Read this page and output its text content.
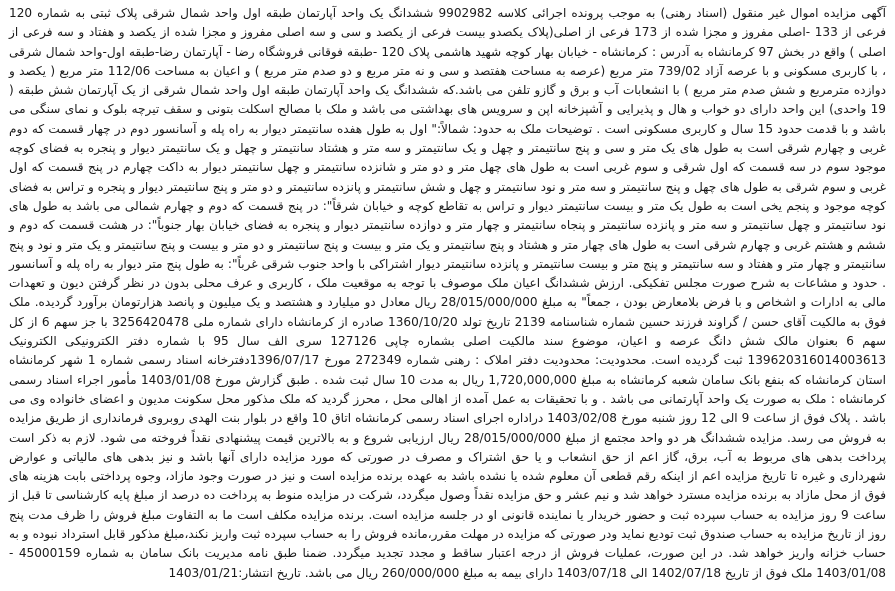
آگهی مزایده اموال غیر منقول (اسناد رهنی) به موجب پرونده اجرائی کلاسه 9902982 ششدانگ یک واحد آپارتمان طبقه اول واحد شمال شرقی پلاک ثبتی به شماره 120 فرعی از 133 -اصلی مفروز و مجزا شده از 173 فرعی از اصلی(پلاک یکصدو بیست فرعی از یکصد و سی و سه اصلی مفروز و مجزا شده از یکصد و هفتاد و سه فرعی از اصلی ) واقع در بخش 97 کرمانشاه به آدرس : کرمانشاه - خیابان بهار کوچه شهید هاشمی پلاک 120 -طبقه فوقانی فروشگاه رضا - آپارتمان رضا-طبقه اول-واحد شمال شرقی ، با کاربری مسکونی و با عرصه آزاد 739/02 متر مربع (عرصه به مساحت هفتصد و سی و نه متر مربع و دو صدم متر مربع ) و اعیان به مساحت 112/06 متر مربع ( یکصد و دوازده مترمربع و شش صدم متر مربع ) با انشعابات آب و برق و گازو تلفن می باشد.که ششدانگ یک واحد آپارتمان طبقه اول واحد شمال شرقی از یک آپارتمان شش طبقه ( 19 واحدی) این واحد دارای دو خواب و هال و پذیرایی و آشپزخانه اپن و سرویس های بهداشتی می باشد و ملک با مصالح اسکلت بتونی و سقف تیرچه بلوک و نمای سنگی می باشد و با قدمت حدود 15 سال و کاربری مسکونی است . توضیحات ملک به حدود: شمالاً:" اول به طول هفده سانتیمتر دیوار به راه پله و آسانسور دوم در چهار قسمت که دوم غربی و چهارم شرقی است به طول های یک متر و سی و پنج سانتیمتر و چهل و یک سانتیمتر و سه متر و هشتاد سانتیمتر و چهل و یک سانتیمتر دیوار و پنجره به فضای کوچه موجود سوم در سه قسمت که اول شرقی و سوم غربی است به طول های چهل متر و دو متر و شانزده سانتیمتر و چهل سانتیمتر دیوار به داکت چهارم در پنج قسمت که اول غربی و سوم شرقی به طول های چهل و پنج سانتیمتر و سه متر و نود سانتیمتر و چهل و شش سانتیمتر و پانزده سانتیمتر و دو متر و پنج سانتیمتر دیوار و پنجره و تراس به فضای کوچه موجود و پنجم یخی است به طول یک متر و بیست سانتیمتر دیوار و تراس به تقاطع کوچه و خیابان شرقاً": در پنج قسمت که دوم و چهارم شمالی می باشد به طول های نود سانتیمتر و چهل سانتیمتر و سه متر و پانزده سانتیمتر و پنجاه سانتیمتر و چهار متر و دوازده سانتیمتر دیوار و پنجره به فضای خیابان بهار جنوباً": در هشت قسمت که دوم و ششم و هشتم غربی و چهارم شرقی است به طول های چهار متر و هشتاد و پنج سانتیمتر و یک متر و بیست و پنج سانتیمتر و دو متر و بیست و پنج سانتیمتر و یک متر و نود و پنج سانتیمتر و چهار متر و هفتاد و سه سانتیمتر و پنج متر و بیست سانتیمتر و پانزده سانتیمتر دیوار اشتراکی با واحد جنوب شرقی غرباً": به طول پنج متر دیوار به راه پله و آسانسور . حدود و مشاعات به شرح صورت مجلس تفکیکی. ارزش ششدانگ اعیان ملک موصوف با توجه به موقعیت ملک ، کاربری و عرف محلی بدون در نظر گرفتن دیون و تعهدات مالی به ادارات و اشخاص و با فرض بلامعارض بودن ، جمعاً" به مبلغ 28/015/000/000 ریال معادل دو میلیارد و هشتصد و یک میلیون و پانصد هزارتومان برآورد گردیده. ملک فوق به مالکیت آقای حسن / گراوند فرزند حسین شماره شناسنامه 2139 تاریخ تولد 1360/10/20 صادره از کرمانشاه دارای شماره ملی 3256420478 با جز سهم 6 از کل سهم 6 بعنوان مالک شش دانگ عرصه و اعیان، موضوع سند مالکیت اصلی بشماره چاپی 127126 سری الف سال 95 با شماره دفتر الکترونیکی الکترونیک 139620316014003613 ثبت گردیده است. محدودیت: محدودیت دفتر املاک : رهنی شماره 272349 مورخ 1396/07/17دفترخانه اسناد رسمی شماره 1 شهر کرمانشاه استان کرمانشاه که بنفع بانک سامان شعبه کرمانشاه به مبلغ 1,720,000,000 ریال به مدت 10 سال ثبت شده . طبق گزارش مورخ 1403/01/08 مأمور اجراء اسناد رسمی کرمانشاه : ملک به صورت یک واحد آپارتمانی می باشد . و با تحقیقات به عمل آمده از اهالی محل ، محرز گردید که ملک مذکور محل سکونت مدیون و اعضای خانواده وی می باشد . پلاک فوق از ساعت 9 الی 12 روز شنبه مورخ 1403/02/08 دراداره اجرای اسناد رسمی کرمانشاه اتاق 10 واقع در بلوار بنت الهدی روبروی فرمانداری از طریق مزایده به فروش می رسد. مزایده ششدانگ هر دو واحد مجتمع از مبلغ 28/015/000/000 ریال ارزیابی شروع و به بالاترین قیمت پیشنهادی نقداً فروخته می شود. لازم به ذکر است پرداخت بدهی های مربوط به آب، برق، گاز اعم از حق انشعاب و یا حق اشتراک و مصرف در صورتی که مورد مزایده دارای آنها باشد و نیز بدهی های مالیاتی و عوارض شهرداری و غیره تا تاریخ مزایده اعم از اینکه رقم قطعی آن معلوم شده یا نشده باشد به عهده برنده مزایده است و نیز در صورت وجود مازاد، وجوه پرداختی بابت هزینه های فوق از محل مازاد به برنده مزایده مسترد خواهد شد و نیم عشر و حق مزایده نقداً وصول میگردد، شرکت در مزایده منوط به پرداخت ده درصد از مبلغ پایه کارشناسی تا قبل از ساعت 9 روز مزایده به حساب سپرده ثبت و حضور خریدار یا نماینده قانونی او در جلسه مزایده است. برنده مزایده مکلف است ما به التفاوت مبلغ فروش را ظرف مدت پنج روز از تاریخ مزایده به حساب صندوق ثبت تودیع نماید ودر صورتی که مزایده در مهلت مقرر،مانده فروش را به حساب سپرده ثبت واریز نکند،مبلغ مذکور قابل استرداد نبوده و به حساب خزانه واریز خواهد شد. در این صورت، عملیات فروش از درجه اعتبار ساقط و مجدد تجدید میگردد. ضمنا طبق نامه مدیریت بانک سامان به شماره 45000159 - 1403/01/08 ملک فوق از تاریخ 1402/07/18 الی 1403/07/18 دارای بیمه به مبلغ 260/000/000 ریال می باشد. تاریخ انتشار:1403/01/21
